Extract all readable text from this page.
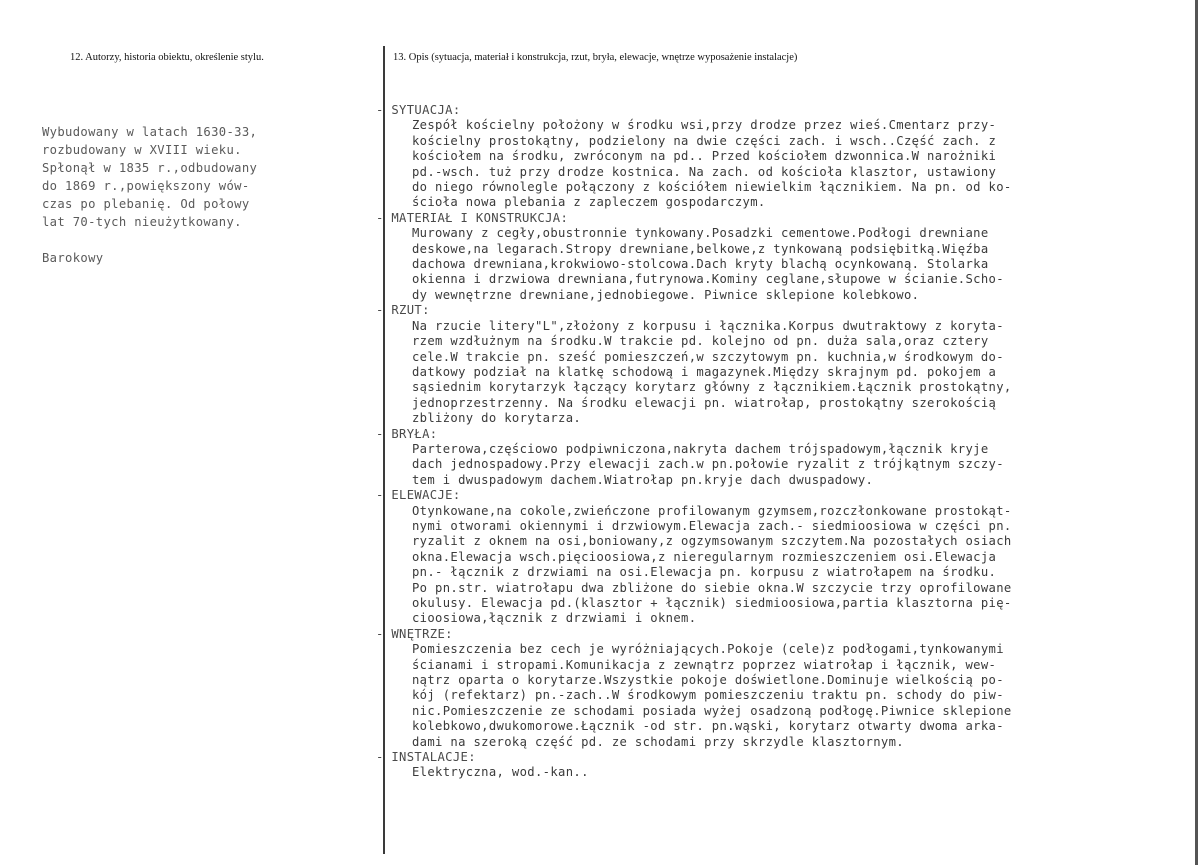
12. Autorzy, historia obiektu, określenie stylu.	13. Opis (sytuacja, materiał i konstrukcja, rzut, bryła, elewacje, wnętrze wyposażenie instalacje)
Wybudowany w latach 1630-33,
rozbudowany w XVIII wieku.
Spłonął w 1835 r.,odbudowany
do 1869 r.,powiększony wów-
czas po plebanię. Od połowy
lat 70-tych nieużytkowany.
Barokowy
- SYTUACJA:
Zespół kościelny położony w środku wsi,przy drodze przez wieś.Cmentarz przy-
kościelny prostokątny, podzielony na dwie części zach. i wsch..Część zach. z
kościołem na środku, zwróconym na pd.. Przed kościołem dzwonnica.W narożniki
pd.-wsch. tuż przy drodze kostnica. Na zach. od kościoła klasztor, ustawiony
do niego równolegle połączony z kościółem niewielkim łącznikiem. Na pn. od ko-
ścioła nowa plebania z zapleczem gospodarczym.
- MATERIAŁ I KONSTRUKCJA:
Murowany z cegły,obustronnie tynkowany.Posadzki cementowe.Podłogi drewniane
deskowe,na legarach.Stropy drewniane,belkowe,z tynkowaną podsiębitką.Więźba
dachowa drewniana,krokwiowo-stolcowa.Dach kryty blachą ocynkowaną. Stolarka
okienna i drzwiowa drewniana,futrynowa.Kominy ceglane,słupowe w ścianie.Scho-
dy wewnętrzne drewniane,jednobiegowe. Piwnice sklepione kolebkowo.
- RZUT:
Na rzucie litery"L",złożony z korpusu i łącznika.Korpus dwutraktowy z koryta-
rzem wzdłużnym na środku.W trakcie pd. kolejno od pn. duża sala,oraz cztery
cele.W trakcie pn. sześć pomieszczeń,w szczytowym pn. kuchnia,w środkowym do-
datkowy podział na klatkę schodową i magazynek.Między skrajnym pd. pokojem a
sąsiednim korytarzyk łączący korytarz główny z łącznikiem.Łącznik prostokątny,
jednoprzestrzenny. Na środku elewacji pn. wiatrołap, prostokątny szerokością
zbliżony do korytarza.
- BRYŁA:
Parterowa,częściowo podpiwniczona,nakryta dachem trójspadowym,łącznik kryje
dach jednospadowy.Przy elewacji zach.w pn.połowie ryzalit z trójkątnym szczy-
tem i dwuspadowym dachem.Wiatrołap pn.kryje dach dwuspadowy.
- ELEWACJE:
Otynkowane,na cokole,zwieńczone profilowanym gzymsem,rozczłonkowane prostokąt-
nymi otworami okiennymi i drzwiowym.Elewacja zach.- siedmioosiowa w części pn.
ryzalit z oknem na osi,boniowany,z ogzymsowanym szczytem.Na pozostałych osiach
okna.Elewacja wsch.pięcioosiowa,z nieregularnym rozmieszczeniem osi.Elewacja
pn.- łącznik z drzwiami na osi.Elewacja pn. korpusu z wiatrołapem na środku.
Po pn.str. wiatrołapu dwa zbliżone do siebie okna.W szczycie trzy oprofilowane
okulusy. Elewacja pd.(klasztor + łącznik) siedmioosiowa,partia klasztorna pię-
cioosiowa,łącznik z drzwiami i oknem.
- WNĘTRZE:
Pomieszczenia bez cech je wyróżniających.Pokoje (cele)z podłogami,tynkowanymi
ścianami i stropami.Komunikacja z zewnątrz poprzez wiatrołap i łącznik, wew-
nątrz oparta o korytarze.Wszystkie pokoje doświetlone.Dominuje wielkością po-
kój (refektarz) pn.-zach..W środkowym pomieszczeniu traktu pn. schody do piw-
nic.Pomieszczenie ze schodami posiada wyżej osadzoną podłogę.Piwnice sklepione
kolebkowo,dwukomorowe.Łącznik -od str. pn.wąski, korytarz otwarty dwoma arka-
dami na szeroką część pd. ze schodami przy skrzydle klasztornym.
- INSTALACJE:
Elektryczna, wod.-kan..
